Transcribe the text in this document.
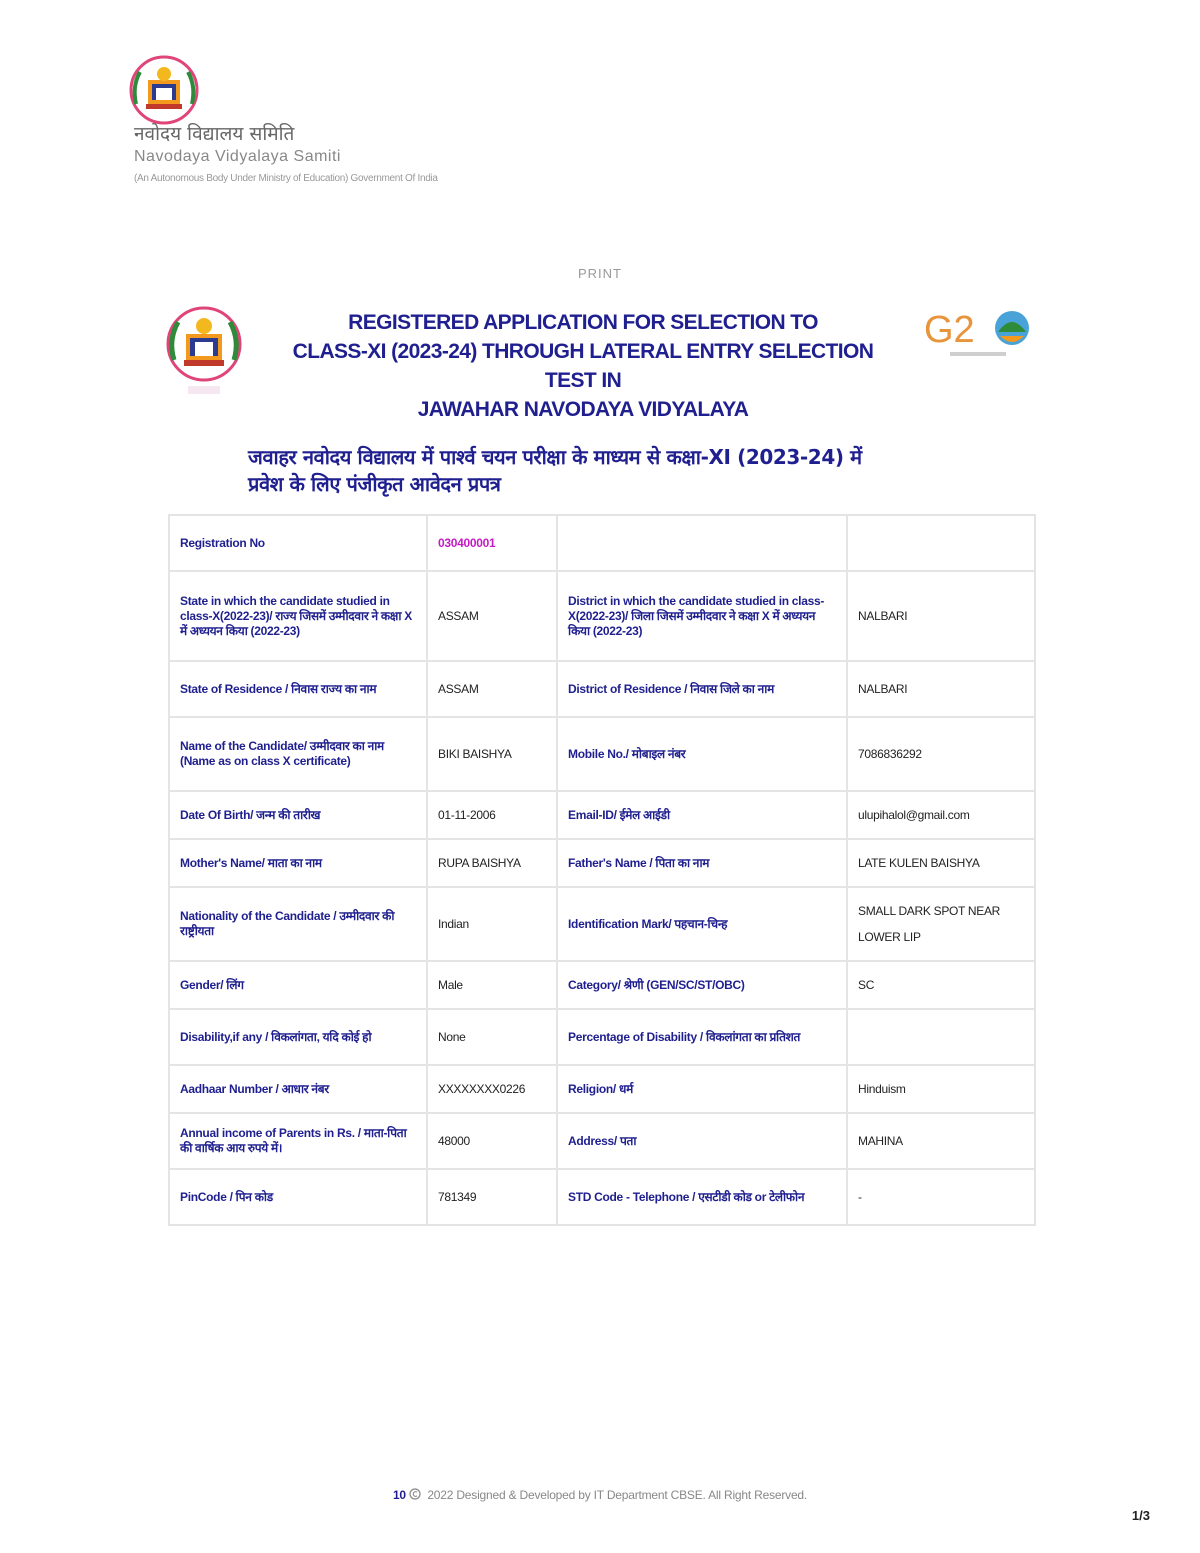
नवोदय विद्यालय समिति
Navodaya Vidyalaya Samiti
(An Autonomous Body Under Ministry of Education) Government Of India
PRINT
G2
REGISTERED APPLICATION FOR SELECTION TO
CLASS-XI (2023-24) THROUGH LATERAL ENTRY SELECTION
TEST IN
JAWAHAR NAVODAYA VIDYALAYA
जवाहर नवोदय विद्यालय में पार्श्व चयन परीक्षा के माध्यम से कक्षा-XI (2023-24) में
प्रवेश के लिए पंजीकृत आवेदन प्रपत्र
Registration No	030400001		
State in which the candidate studied in class-X(2022-23)/ राज्य जिसमें उम्मीदवार ने कक्षा X में अध्ययन किया (2022-23)	ASSAM	District in which the candidate studied in class-X(2022-23)/ जिला जिसमें उम्मीदवार ने कक्षा X में अध्ययन किया (2022-23)	NALBARI
State of Residence / निवास राज्य का नाम	ASSAM	District of Residence / निवास जिले का नाम	NALBARI

Name of the Candidate/ उम्मीदवार का नाम
(Name as on class X certificate)	BIKI BAISHYA	Mobile No./ मोबाइल नंबर	7086836292
Date Of Birth/ जन्म की तारीख	01-11-2006	Email-ID/ ईमेल आईडी	ulupihalol@gmail.com
Mother's Name/ माता का नाम	RUPA BAISHYA	Father's Name / पिता का नाम	LATE KULEN BAISHYA
Nationality of the Candidate / उम्मीदवार की राष्ट्रीयता	Indian	Identification Mark/ पहचान-चिन्ह	SMALL DARK SPOT NEAR
LOWER LIP

Gender/ लिंग	Male	Category/ श्रेणी (GEN/SC/ST/OBC)	SC
Disability,if any / विकलांगता, यदि कोई हो	None	Percentage of Disability / विकलांगता का प्रतिशत	
Aadhaar Number / आधार नंबर	XXXXXXXX0226	Religion/ धर्म	Hinduism
Annual income of Parents in Rs. / माता-पिता की वार्षिक आय रुपये में।	48000	Address/ पता	MAHINA
PinCode / पिन कोड	781349	STD Code - Telephone / एसटीडी कोड or टेलीफोन	-
10 2022 Designed & Developed by IT Department CBSE. All Right Reserved.
1/3
